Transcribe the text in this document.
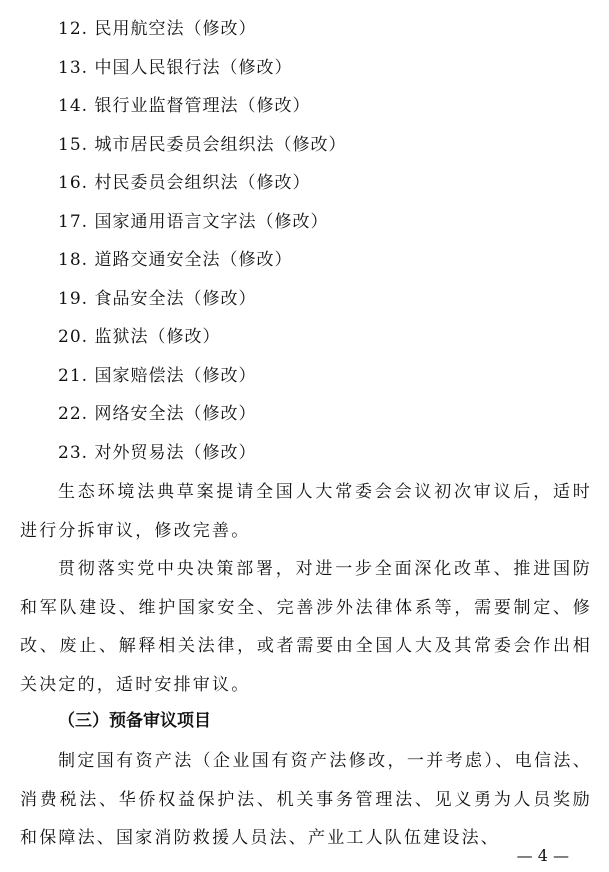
12. 民用航空法（修改）
13. 中国人民银行法（修改）
14. 银行业监督管理法（修改）
15. 城市居民委员会组织法（修改）
16. 村民委员会组织法（修改）
17. 国家通用语言文字法（修改）
18. 道路交通安全法（修改）
19. 食品安全法（修改）
20. 监狱法（修改）
21. 国家赔偿法（修改）
22. 网络安全法（修改）
23. 对外贸易法（修改）
生态环境法典草案提请全国人大常委会会议初次审议后，适时进行分拆审议，修改完善。
贯彻落实党中央决策部署，对进一步全面深化改革、推进国防和军队建设、维护国家安全、完善涉外法律体系等，需要制定、修改、废止、解释相关法律，或者需要由全国人大及其常委会作出相关决定的，适时安排审议。
（三）预备审议项目
制定国有资产法（企业国有资产法修改，一并考虑）、电信法、消费税法、华侨权益保护法、机关事务管理法、见义勇为人员奖励和保障法、国家消防救援人员法、产业工人队伍建设法、
— 4 —
